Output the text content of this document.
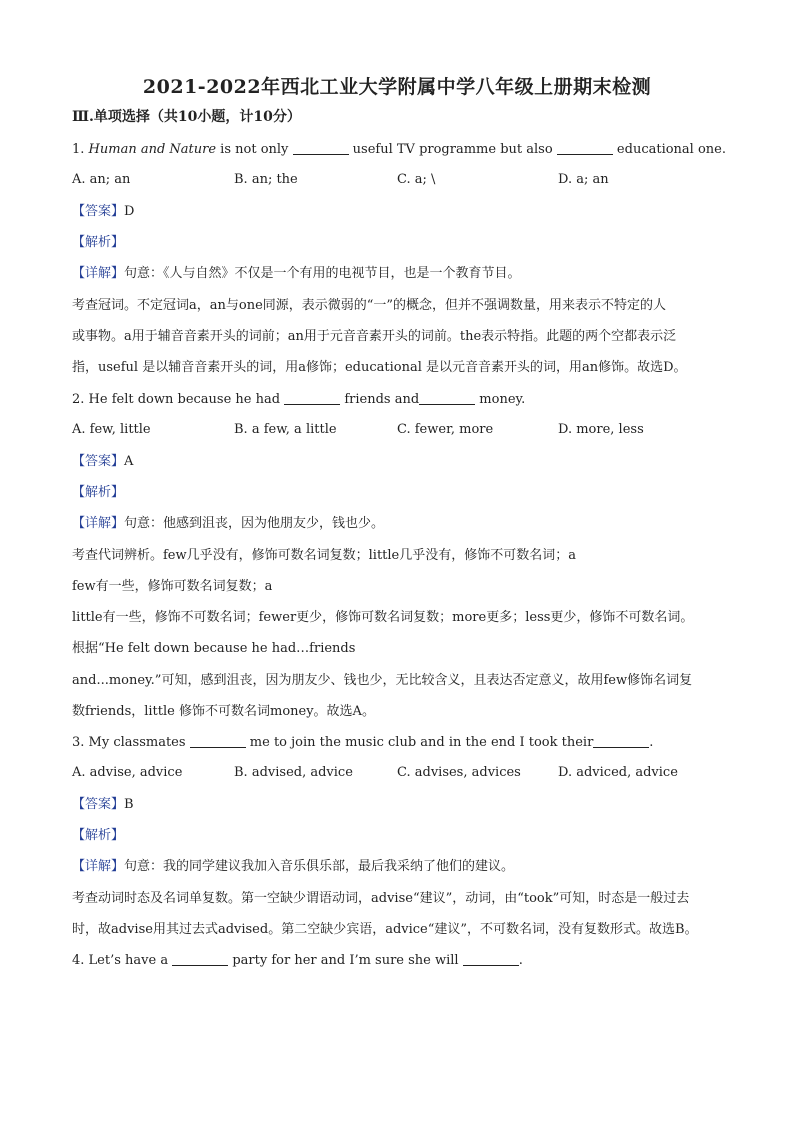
2021-2022年西北工业大学附属中学八年级上册期末检测
Ⅲ.单项选择（共10小题，计10分）
1. Human and Nature is not only	useful TV programme but also	educational one.
A. an; an	B. an; the	C. a; \	D. a; an
【答案】D
【解析】
【详解】句意：《人与自然》不仅是一个有用的电视节目，也是一个教育节目。
考查冠词。不定冠词a，an与one同源，表示微弱的“一”的概念，但并不强调数量，用来表示不特定的人
或事物。a用于辅音音素开头的词前；an用于元音音素开头的词前。the表示特指。此题的两个空都表示泛
指，useful 是以辅音音素开头的词，用a修饰；educational 是以元音音素开头的词，用an修饰。故选D。
2. He felt down because he had	friends and	money.
A. few, little	B. a few, a little	C. fewer, more	D. more, less
【答案】A
【解析】
【详解】句意：他感到沮丧，因为他朋友少，钱也少。
考查代词辨析。few几乎没有，修饰可数名词复数；little几乎没有，修饰不可数名词；a
few有一些，修饰可数名词复数；a
little有一些，修饰不可数名词；fewer更少，修饰可数名词复数；more更多；less更少，修饰不可数名词。
根据“He felt down because he had…friends
and...money.”可知，感到沮丧，因为朋友少、钱也少，无比较含义，且表达否定意义，故用few修饰名词复
数friends，little 修饰不可数名词money。故选A。
3. My classmates	me to join the music club and in the end I took their	.
A. advise, advice	B. advised, advice	C. advises, advices	D. adviced, advice
【答案】B
【解析】
【详解】句意：我的同学建议我加入音乐俱乐部，最后我采纳了他们的建议。
考查动词时态及名词单复数。第一空缺少谓语动词，advise“建议”，动词，由“took”可知，时态是一般过去
时，故advise用其过去式advised。第二空缺少宾语，advice“建议”，不可数名词，没有复数形式。故选B。
4. Let’s have a	party for her and I’m sure she will	.
